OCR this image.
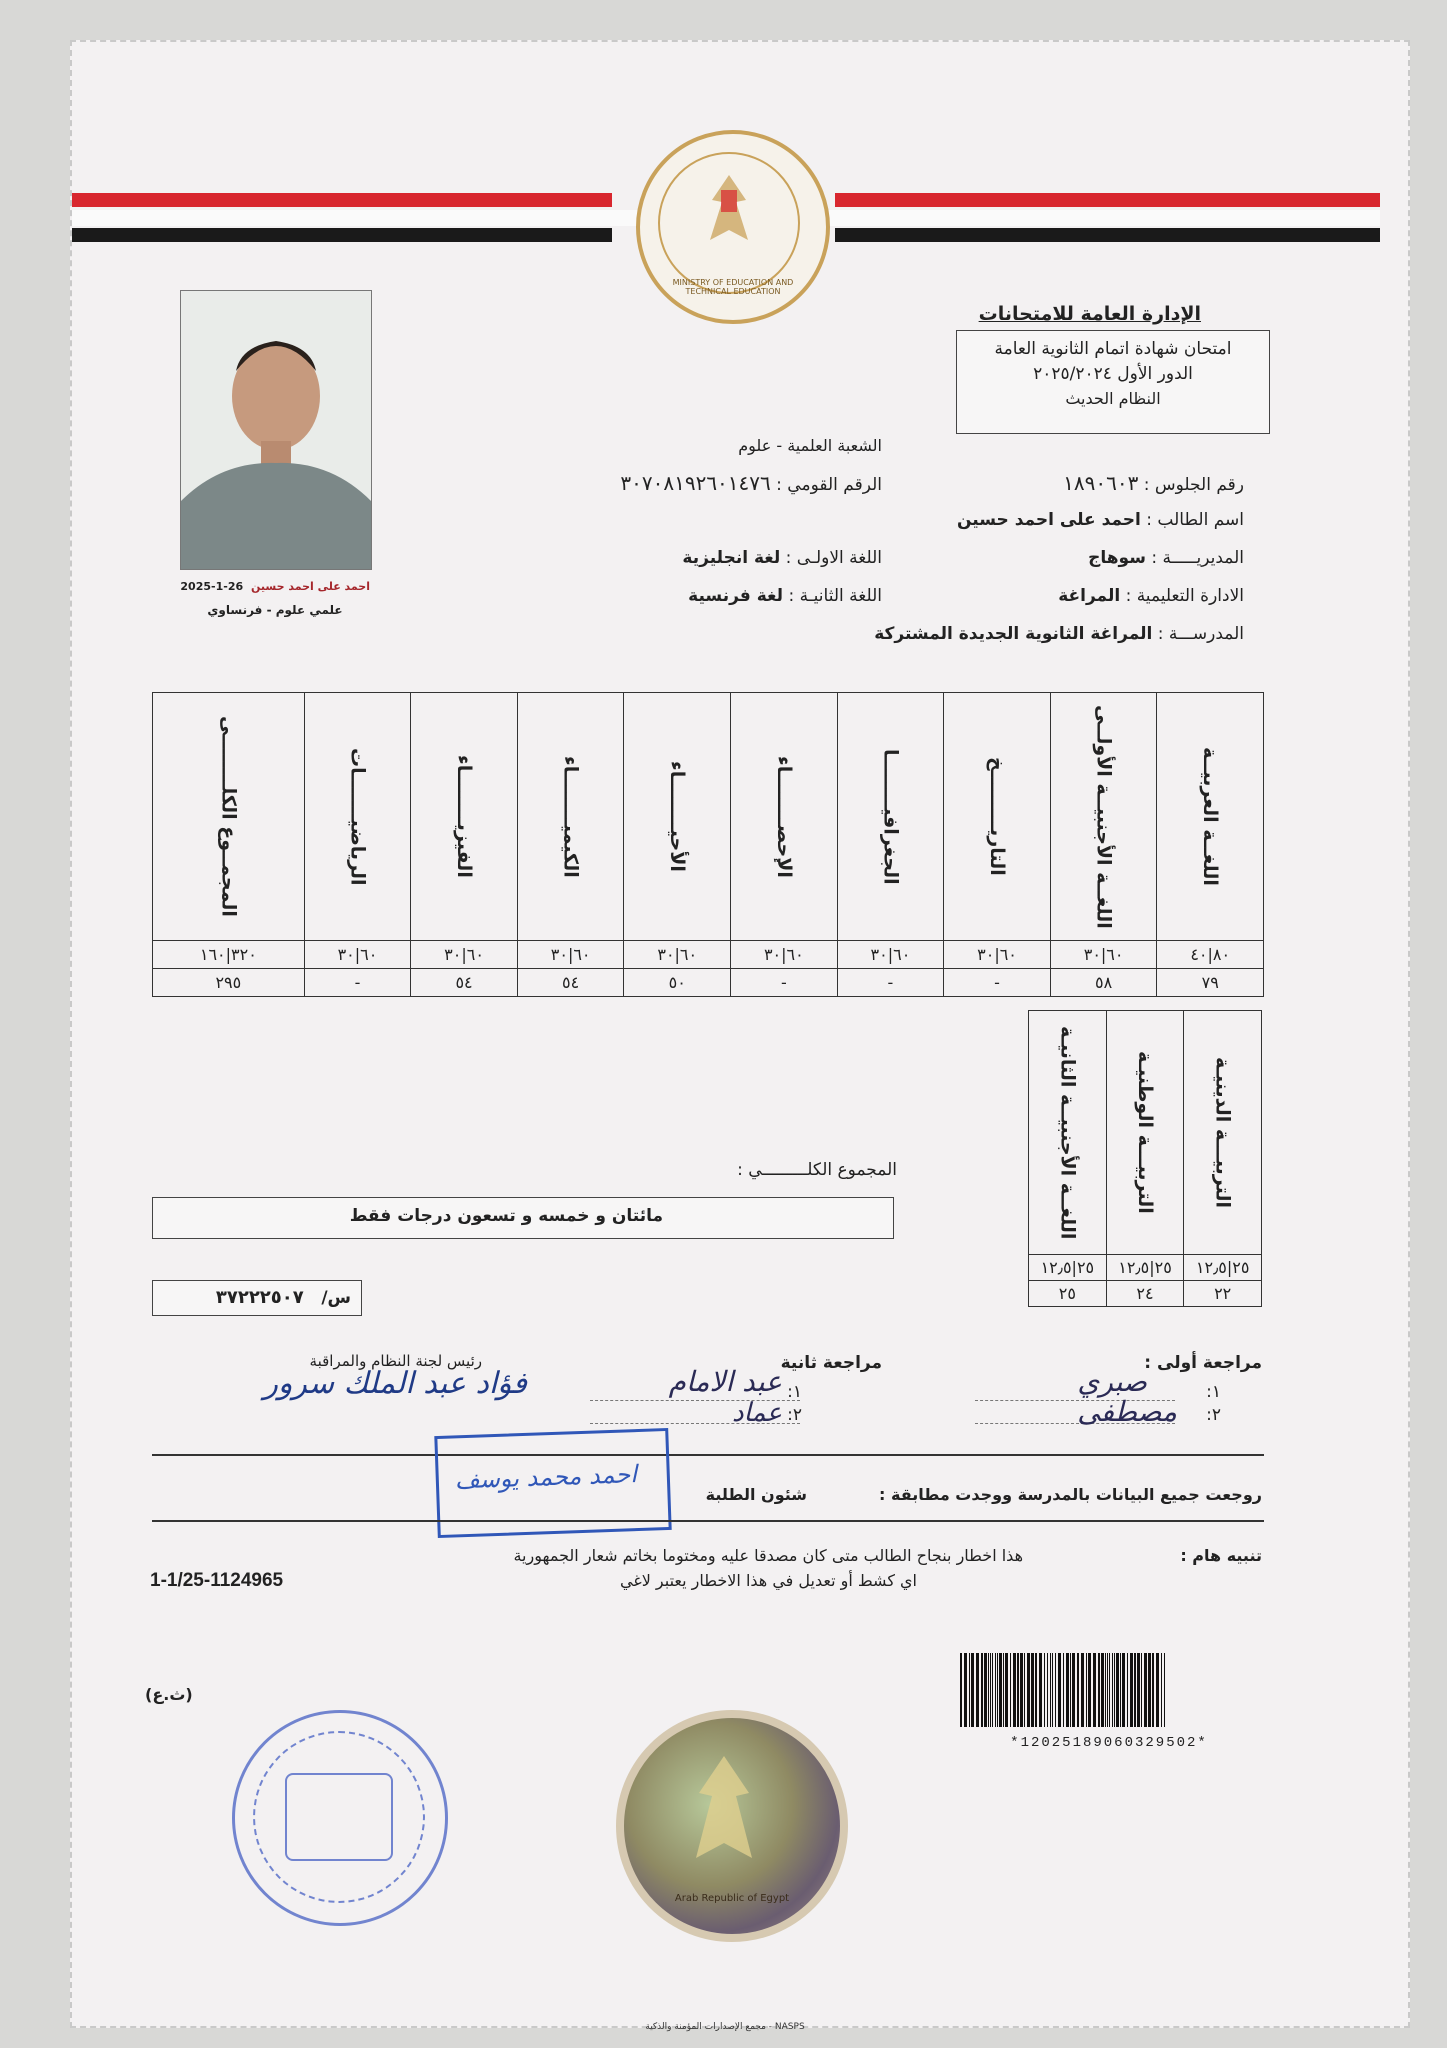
MINISTRY OF EDUCATION AND TECHNICAL EDUCATION
الإدارة العامة للامتحانات
امتحان شهادة اتمام الثانوية العامة
الدور الأول ٢٠٢٥/٢٠٢٤
النظام الحديث
احمد على احمد حسين 26-1-2025
علمي علوم - فرنساوي
الشعبة العلمية - علوم
رقم الجلوس : ١٨٩٠٦٠٣
الرقم القومي : ٣٠٧٠٨١٩٢٦٠١٤٧٦
اسم الطالب : احمد على احمد حسين
المديريـــــة : سوهاج
اللغة الاولـى : لغة انجليزية
الادارة التعليمية : المراغة
اللغة الثانيـة : لغة فرنسية
المدرســـة : المراغة الثانوية الجديدة المشتركة
اللغــة العربيــة	اللغــة الأجنبيــة الأولــى	التاريـــــــــخ	الجغرافيــــــــا	الإحصــــــــاء	الأحيــــــــاء	الكيميــــــــاء	الفيزيــــــــاء	الرياضيـــــــات	المجمــوع الكلــــــــى

٨٠|٤٠	٦٠|٣٠	٦٠|٣٠	٦٠|٣٠	٦٠|٣٠	٦٠|٣٠	٦٠|٣٠	٦٠|٣٠	٦٠|٣٠	٣٢٠|١٦٠
٧٩	٥٨	-	-	-	٥٠	٥٤	٥٤	-	٢٩٥
التربيـــة الدينيـة	التربيـــة الوطنيـة	اللغــة الأجنبيــة الثانيـة

٢٥|١٢٫٥	٢٥|١٢٫٥	٢٥|١٢٫٥
٢٢	٢٤	٢٥
المجموع الكلـــــــــي :
مائتان و خمسه و تسعون درجات فقط
س/ ٣٧٢٢٢٥٠٧
مراجعة أولى :
١:
صبري
٢:
مصطفى
مراجعة ثانية
١:
عبد الامام
٢:
عماد
رئيس لجنة النظام والمراقبة
فؤاد عبد الملك سرور
روجعت جميع البيانات بالمدرسة ووجدت مطابقة :
شئون الطلبة
احمد محمد يوسف
تنبيه هام :
هذا اخطار بنجاح الطالب متى كان مصدقا عليه ومختوما بخاتم شعار الجمهورية
اي كشط أو تعديل في هذا الاخطار يعتبر لاغي
1-1/25-1124965
(ث.ع)
*12025189060329502*
Arab Republic of Egypt
NASPS - مجمع الإصدارات المؤمنة والذكية
